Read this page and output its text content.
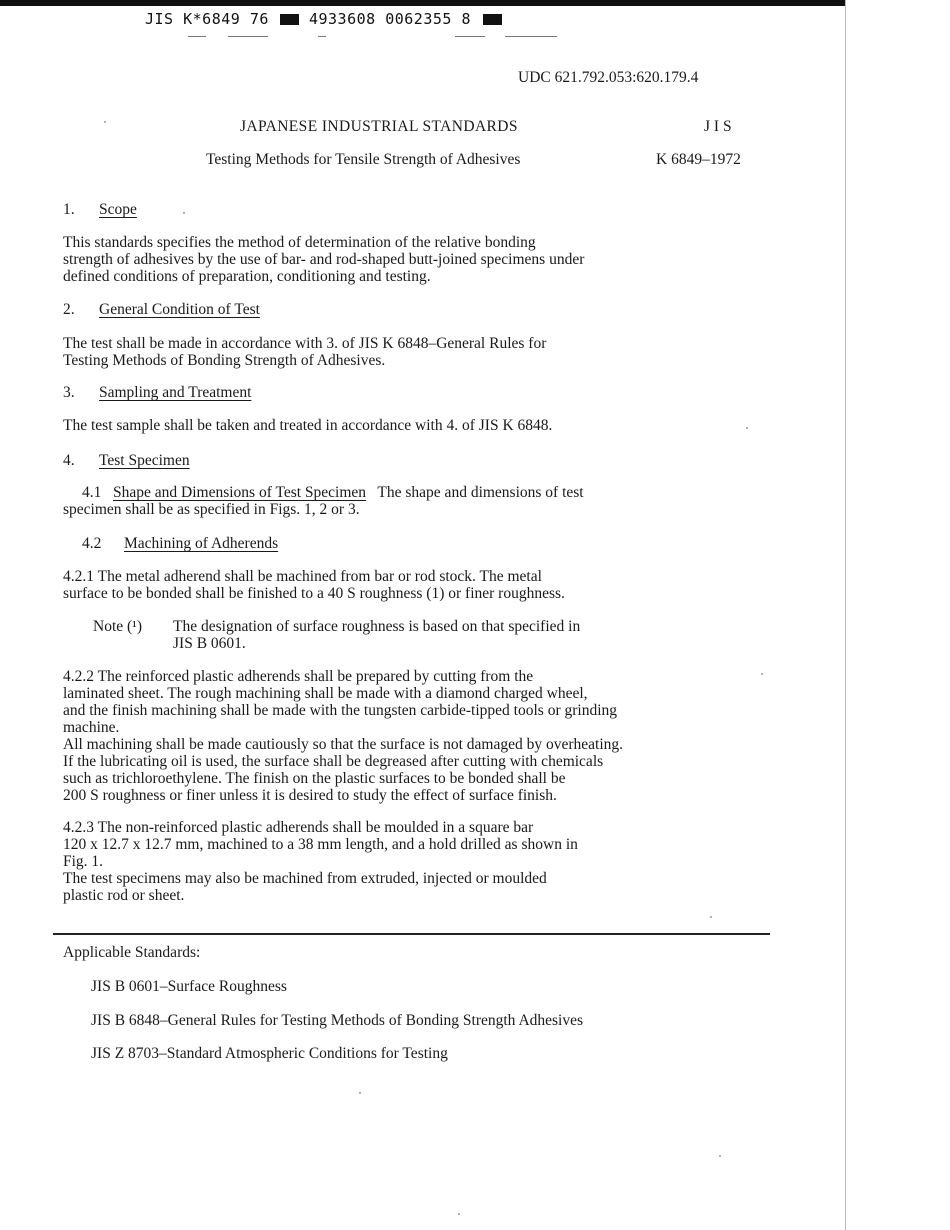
JIS K*6849 76	4933608 0062355 8
UDC 621.792.053:620.179.4
JAPANESE INDUSTRIAL STANDARDS	J I S
Testing Methods for Tensile Strength of Adhesives	K 6849–1972
1. Scope
This standards specifies the method of determination of the relative bonding
strength of adhesives by the use of bar- and rod-shaped butt-joined specimens under
defined conditions of preparation, conditioning and testing.
2. General Condition of Test
The test shall be made in accordance with 3. of JIS K 6848–General Rules for
Testing Methods of Bonding Strength of Adhesives.
3. Sampling and Treatment
The test sample shall be taken and treated in accordance with 4. of JIS K 6848.
4. Test Specimen
4.1 Shape and Dimensions of Test Specimen The shape and dimensions of test
specimen shall be as specified in Figs. 1, 2 or 3.
4.2 Machining of Adherends
4.2.1 The metal adherend shall be machined from bar or rod stock. The metal
surface to be bonded shall be finished to a 40 S roughness (1) or finer roughness.
Note (¹) The designation of surface roughness is based on that specified in
JIS B 0601.
4.2.2 The reinforced plastic adherends shall be prepared by cutting from the
laminated sheet. The rough machining shall be made with a diamond charged wheel,
and the finish machining shall be made with the tungsten carbide-tipped tools or grinding
machine.
All machining shall be made cautiously so that the surface is not damaged by overheating.
If the lubricating oil is used, the surface shall be degreased after cutting with chemicals
such as trichloroethylene. The finish on the plastic surfaces to be bonded shall be
200 S roughness or finer unless it is desired to study the effect of surface finish.
4.2.3 The non-reinforced plastic adherends shall be moulded in a square bar
120 x 12.7 x 12.7 mm, machined to a 38 mm length, and a hold drilled as shown in
Fig. 1.
The test specimens may also be machined from extruded, injected or moulded
plastic rod or sheet.
Applicable Standards:
JIS B 0601–Surface Roughness
JIS B 6848–General Rules for Testing Methods of Bonding Strength Adhesives
JIS Z 8703–Standard Atmospheric Conditions for Testing
